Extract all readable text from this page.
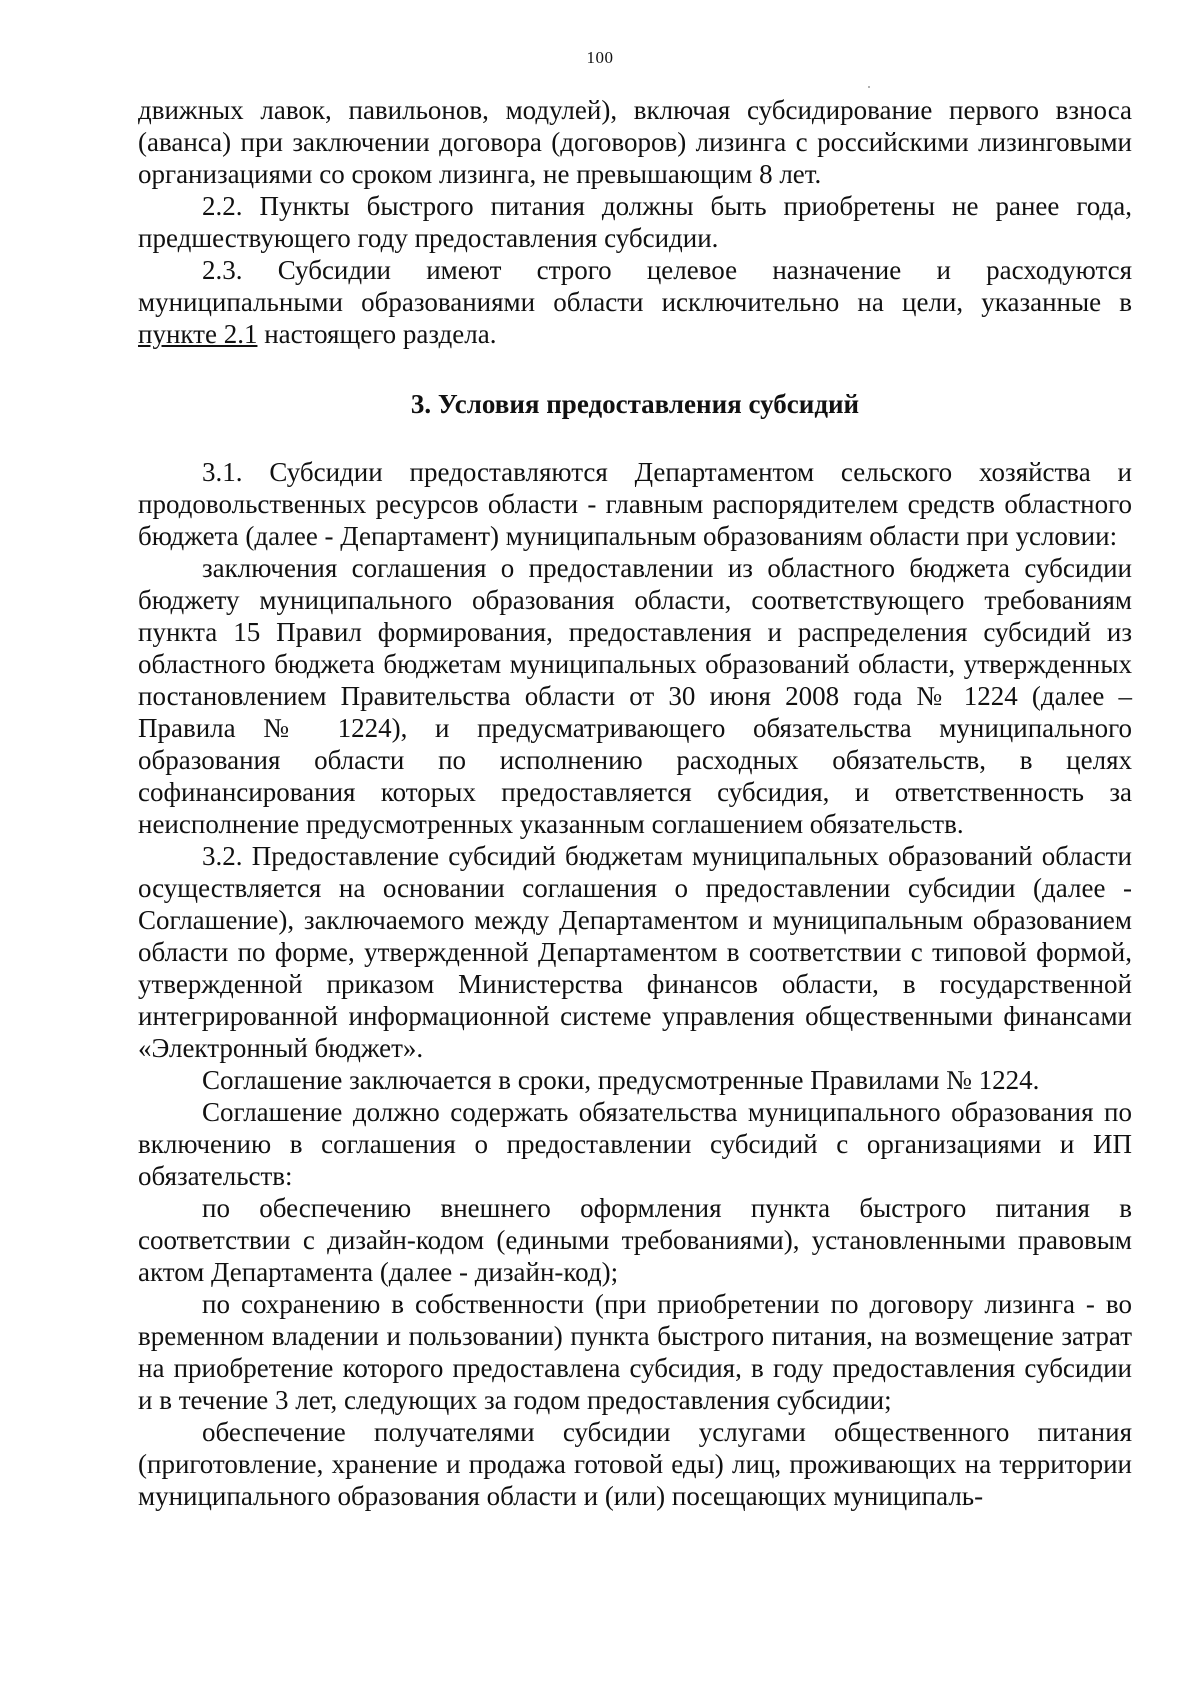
100

движных лавок, павильонов, модулей), включая субсидирование первого взноса (аванса) при заключении договора (договоров) лизинга с российскими лизинговыми организациями со сроком лизинга, не превышающим 8 лет.

2.2. Пункты быстрого питания должны быть приобретены не ранее года, предшествующего году предоставления субсидии.

2.3. Субсидии имеют строго целевое назначение и расходуются муниципальными образованиями области исключительно на цели, указанные в пункте 2.1 настоящего раздела.

3. Условия предоставления субсидий

3.1. Субсидии предоставляются Департаментом сельского хозяйства и продовольственных ресурсов области - главным распорядителем средств областного бюджета (далее - Департамент) муниципальным образованиям области при условии:

заключения соглашения о предоставлении из областного бюджета субсидии бюджету муниципального образования области, соответствующего требованиям пункта 15 Правил формирования, предоставления и распределения субсидий из областного бюджета бюджетам муниципальных образований области, утвержденных постановлением Правительства области от 30 июня 2008 года № 1224 (далее – Правила № 1224), и предусматривающего обязательства муниципального образования области по исполнению расходных обязательств, в целях софинансирования которых предоставляется субсидия, и ответственность за неисполнение предусмотренных указанным соглашением обязательств.

3.2. Предоставление субсидий бюджетам муниципальных образований области осуществляется на основании соглашения о предоставлении субсидии (далее - Соглашение), заключаемого между Департаментом и муниципальным образованием области по форме, утвержденной Департаментом в соответствии с типовой формой, утвержденной приказом Министерства финансов области, в государственной интегрированной информационной системе управления общественными финансами «Электронный бюджет».

Соглашение заключается в сроки, предусмотренные Правилами № 1224.

Соглашение должно содержать обязательства муниципального образования по включению в соглашения о предоставлении субсидий с организациями и ИП обязательств:

по обеспечению внешнего оформления пункта быстрого питания в соответствии с дизайн-кодом (едиными требованиями), установленными правовым актом Департамента (далее - дизайн-код);

по сохранению в собственности (при приобретении по договору лизинга - во временном владении и пользовании) пункта быстрого питания, на возмещение затрат на приобретение которого предоставлена субсидия, в году предоставления субсидии и в течение 3 лет, следующих за годом предоставления субсидии;

обеспечение получателями субсидии услугами общественного питания (приготовление, хранение и продажа готовой еды) лиц, проживающих на территории муниципального образования области и (или) посещающих муниципаль-
